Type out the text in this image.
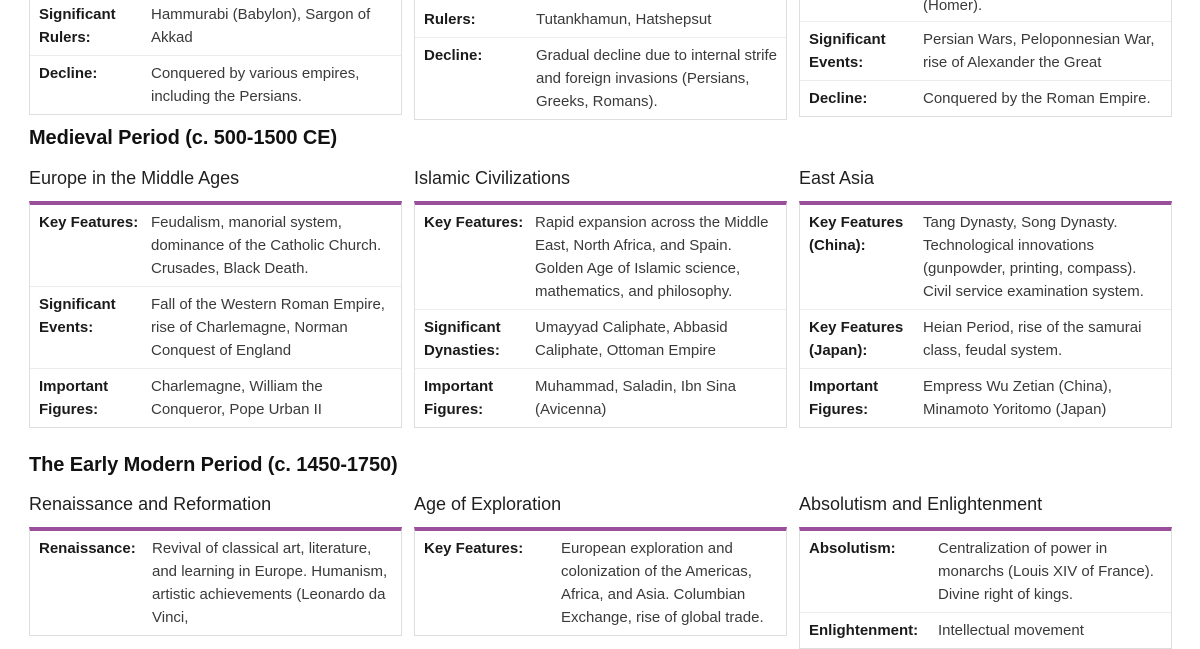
Significant Rulers:
Hammurabi (Babylon), Sargon of Akkad
Decline:	Conquered by various empires, including the Persians.

Rulers:	Tutankhamun, Hatshepsut
Decline:	Gradual decline due to internal strife and foreign invasions (Persians, Greeks, Romans).
(Homer).
Significant Events:
Persian Wars, Peloponnesian War, rise of Alexander the Great
Decline:	Conquered by the Roman Empire.
Medieval Period (c. 500-1500 CE)
Europe in the Middle Ages
Key Features: Feudalism, manorial system, dominance of the Catholic Church. Crusades, Black Death.
Significant Events:
Fall of the Western Roman Empire, rise of Charlemagne, Norman Conquest of England
Important Figures:
Charlemagne, William the Conqueror, Pope Urban II
Islamic Civilizations
Key Features: Rapid expansion across the Middle East, North Africa, and Spain. Golden Age of Islamic science, mathematics, and philosophy.
Significant Dynasties:
Umayyad Caliphate, Abbasid Caliphate, Ottoman Empire
Important Figures:
Muhammad, Saladin, Ibn Sina (Avicenna)
East Asia
Key Features (China):
Tang Dynasty, Song Dynasty. Technological innovations (gunpowder, printing, compass). Civil service examination system.
Key Features (Japan):
Heian Period, rise of the samurai class, feudal system.
Important Figures:
Empress Wu Zetian (China), Minamoto Yoritomo (Japan)
The Early Modern Period (c. 1450-1750)
Renaissance and Reformation
Renaissance:	Revival of classical art, literature, and learning in Europe. Humanism, artistic achievements (Leonardo da Vinci,
Age of Exploration
Key Features:	European exploration and colonization of the Americas, Africa, and Asia. Columbian Exchange, rise of global trade.
Absolutism and Enlightenment
Absolutism:	Centralization of power in monarchs (Louis XIV of France). Divine right of kings.
Enlightenment:	Intellectual movement
